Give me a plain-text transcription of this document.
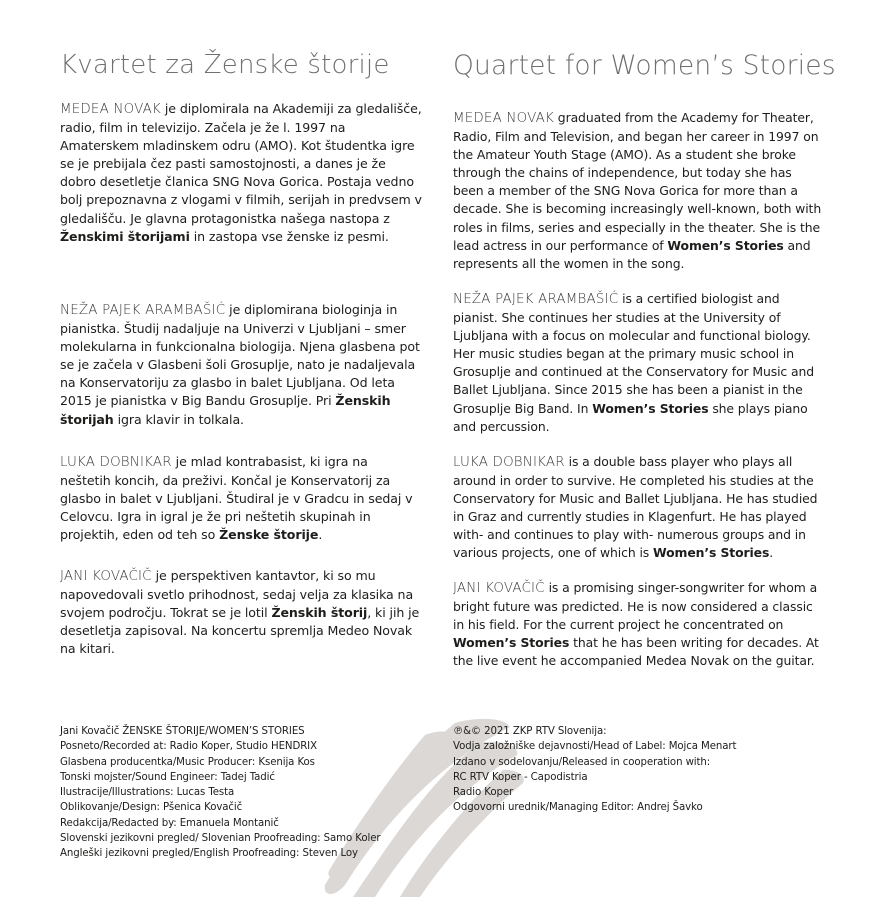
Kvartet za Ženske štorije

MEDEA NOVAK je diplomirala na Akademiji za gledališče, radio, film in televizijo. Začela je že l. 1997 na Amaterskem mladinskem odru (AMO). Kot študentka igre se je prebijala čez pasti samostojnosti, a danes je že dobro desetletje članica SNG Nova Gorica. Postaja vedno bolj prepoznavna z vlogami v filmih, serijah in predvsem v gledališču. Je glavna protagonistka našega nastopa z Ženskimi štorijami in zastopa vse ženske iz pesmi.

NEŽA PAJEK ARAMBAŠIĆ je diplomirana biologinja in pianistka. Študij nadaljuje na Univerzi v Ljubljani – smer molekularna in funkcionalna biologija. Njena glasbena pot se je začela v Glasbeni šoli Grosuplje, nato je nadaljevala na Konservatoriju za glasbo in balet Ljubljana. Od leta 2015 je pianistka v Big Bandu Grosuplje. Pri Ženskih štorijah igra klavir in tolkala.

LUKA DOBNIKAR je mlad kontrabasist, ki igra na neštetih koncih, da preživi. Končal je Konservatorij za glasbo in balet v Ljubljani. Študiral je v Gradcu in sedaj v Celovcu. Igra in igral je že pri neštetih skupinah in projektih, eden od teh so Ženske štorije.

JANI KOVAČIČ je perspektiven kantavtor, ki so mu napovedovali svetlo prihodnost, sedaj velja za klasika na svojem področju. Tokrat se je lotil Ženskih štorij, ki jih je desetletja zapisoval. Na koncertu spremlja Medeo Novak na kitari.

Quartet for Women’s Stories

MEDEA NOVAK graduated from the Academy for Theater, Radio, Film and Television, and began her career in 1997 on the Amateur Youth Stage (AMO). As a student she broke through the chains of independence, but today she has been a member of the SNG Nova Gorica for more than a decade. She is becoming increasingly well-known, both with roles in films, series and especially in the theater. She is the lead actress in our performance of Women’s Stories and represents all the women in the song.

NEŽA PAJEK ARAMBAŠIĆ is a certified biologist and pianist. She continues her studies at the University of Ljubljana with a focus on molecular and functional biology. Her music studies began at the primary music school in Grosuplje and continued at the Conservatory for Music and Ballet Ljubljana. Since 2015 she has been a pianist in the Grosuplje Big Band. In Women’s Stories she plays piano and percussion.

LUKA DOBNIKAR is a double bass player who plays all around in order to survive. He completed his studies at the Conservatory for Music and Ballet Ljubljana. He has studied in Graz and currently studies in Klagenfurt. He has played with- and continues to play with- numerous groups and in various projects, one of which is Women’s Stories.

JANI KOVAČIČ is a promising singer-songwriter for whom a bright future was predicted. He is now considered a classic in his field. For the current project he concentrated on Women’s Stories that he has been writing for decades. At the live event he accompanied Medea Novak on the guitar.

Jani Kovačič ŽENSKE ŠTORIJE/WOMEN’S STORIES
Posneto/Recorded at: Radio Koper, Studio HENDRIX
Glasbena producentka/Music Producer: Ksenija Kos
Tonski mojster/Sound Engineer: Tadej Tadić
Ilustracije/Illustrations: Lucas Testa
Oblikovanje/Design: Pšenica Kovačič
Redakcija/Redacted by: Emanuela Montanič
Slovenski jezikovni pregled/ Slovenian Proofreading: Samo Koler
Angleški jezikovni pregled/English Proofreading: Steven Loy
℗&© 2021 ZKP RTV Slovenija:
Vodja založniške dejavnosti/Head of Label: Mojca Menart
Izdano v sodelovanju/Released in cooperation with:
RC RTV Koper - Capodistria
Radio Koper
Odgovorni urednik/Managing Editor: Andrej Šavko
